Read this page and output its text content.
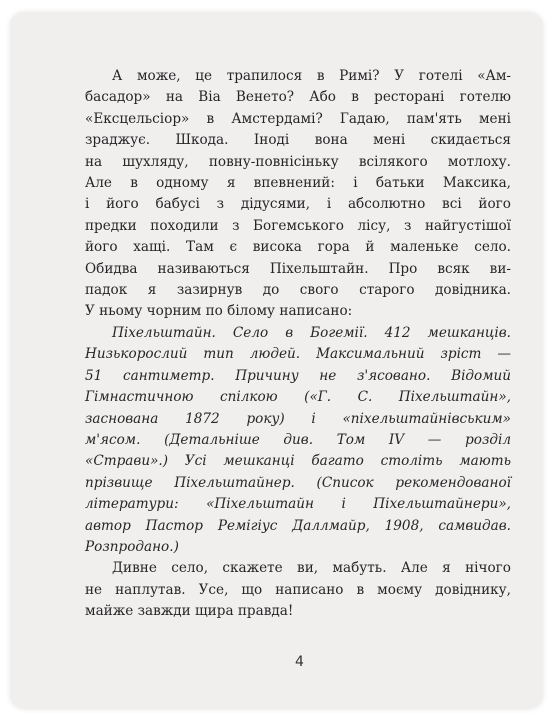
А може, це трапилося в Римі? У готелі «Ам-
басадор» на Віа Венето? Або в ресторані готелю
«Ексцельсіор» в Амстердамі? Гадаю, пам'ять мені
зраджує. Шкода. Іноді вона мені скидається
на шухляду, повну-повнісіньку всілякого мотлоху.
Але в одному я впевнений: і батьки Максика,
і його бабусі з дідусями, і абсолютно всі його
предки походили з Богемського лісу, з найгустішої
його хащі. Там є висока гора й маленьке село.
Обидва називаються Піхельштайн. Про всяк ви-
падок я зазирнув до свого старого довідника.
У ньому чорним по білому написано:

Піхельштайн. Село в Богемії. 412 мешканців.
Низькорослий тип людей. Максимальний зріст —
51 сантиметр. Причину не з'ясовано. Відомий
Гімнастичною спілкою («Г. С. Піхельштайн»,
заснована 1872 року) і «піхельштайнівським»
м'ясом. (Детальніше див. Том IV — розділ
«Страви».) Усі мешканці багато століть мають
прізвище Піхельштайнер. (Список рекомендованої
літератури: «Піхельштайн і Піхельштайнери»,
автор Пастор Ремігіус Даллмайр, 1908, самвидав.
Розпродано.)

Дивне село, скажете ви, мабуть. Але я нічого
не наплутав. Усе, що написано в моєму довіднику,
майже завжди щира правда!

4
